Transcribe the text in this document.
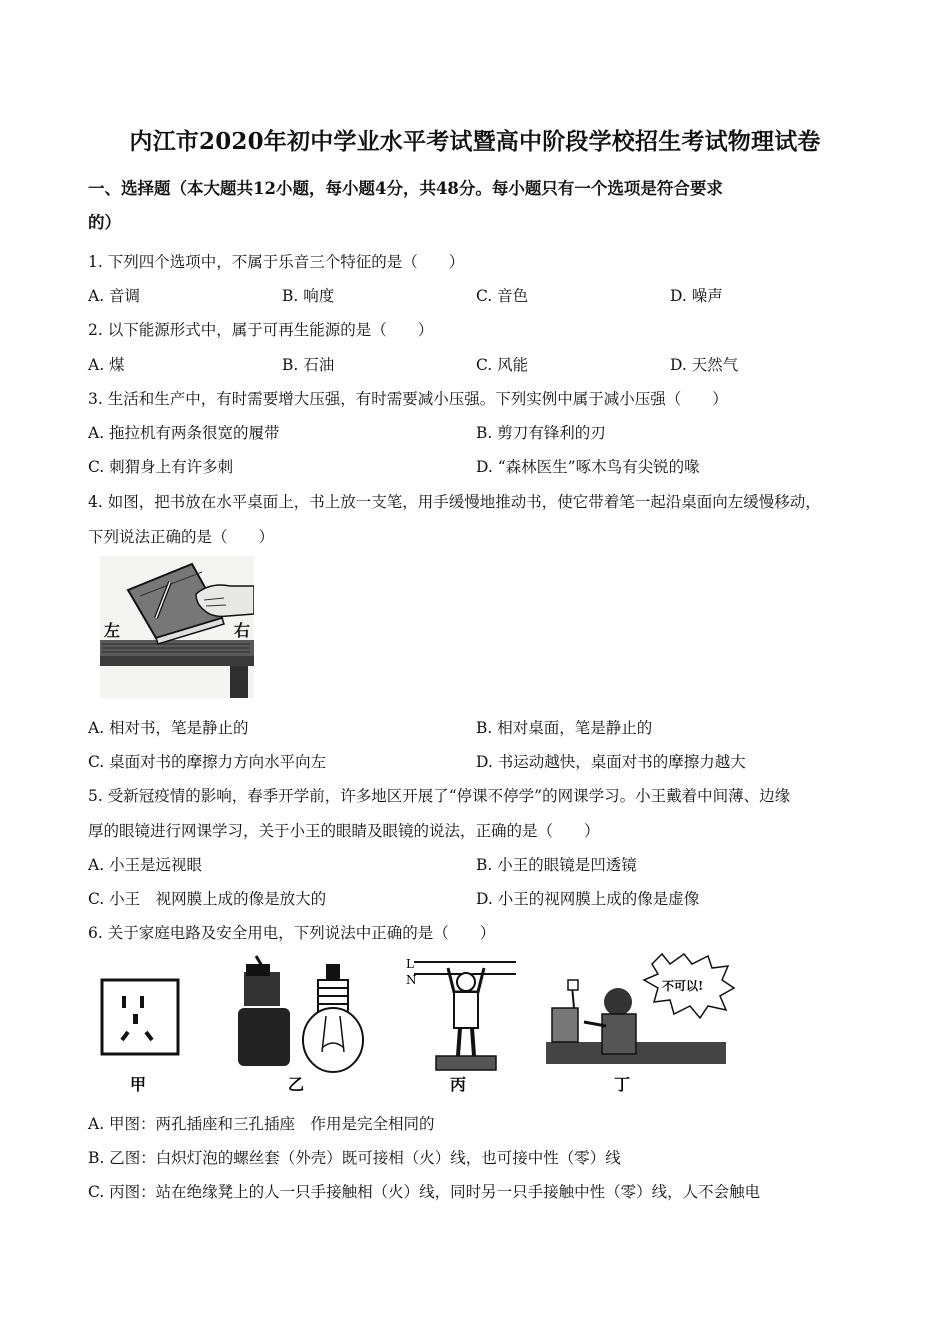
内江市2020年初中学业水平考试暨高中阶段学校招生考试物理试卷
一、选择题（本大题共12小题，每小题4分，共48分。每小题只有一个选项是符合要求
的）
1. 下列四个选项中，不属于乐音三个特征的是（　　）
A. 音调	B. 响度	C. 音色	D. 噪声
2. 以下能源形式中，属于可再生能源的是（　　）
A. 煤	B. 石油	C. 风能	D. 天然气
3. 生活和生产中，有时需要增大压强，有时需要减小压强。下列实例中属于减小压强（　　）
A. 拖拉机有两条很宽的履带	B. 剪刀有锋利的刃
C. 刺猬身上有许多刺	D. “森林医生”啄木鸟有尖锐的喙
4. 如图，把书放在水平桌面上，书上放一支笔，用手缓慢地推动书，使它带着笔一起沿桌面向左缓慢移动，
下列说法正确的是（　　）
左	右
A. 相对书，笔是静止的	B. 相对桌面，笔是静止的
C. 桌面对书的摩擦力方向水平向左	D. 书运动越快，桌面对书的摩擦力越大
5. 受新冠疫情的影响，春季开学前，许多地区开展了“停课不停学”的网课学习。小王戴着中间薄、边缘
厚的眼镜进行网课学习，关于小王的眼睛及眼镜的说法，正确的是（　　）
A. 小王是远视眼	B. 小王的眼镜是凹透镜
C. 小王　视网膜上成的像是放大的	D. 小王的视网膜上成的像是虚像
6. 关于家庭电路及安全用电，下列说法中正确的是（　　）
甲	乙
L
N
丙
不可以!
丁
A. 甲图：两孔插座和三孔插座　作用是完全相同的
B. 乙图：白炽灯泡的螺丝套（外壳）既可接相（火）线，也可接中性（零）线
C. 丙图：站在绝缘凳上的人一只手接触相（火）线，同时另一只手接触中性（零）线，人不会触电
